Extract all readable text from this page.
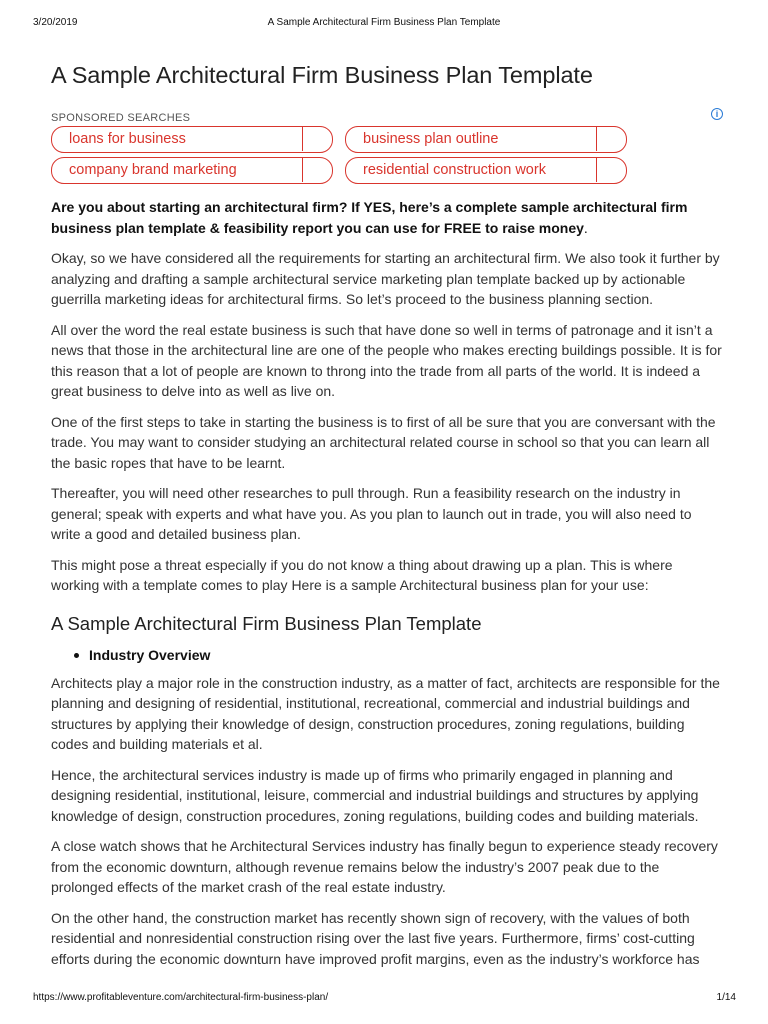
3/20/2019	A Sample Architectural Firm Business Plan Template
A Sample Architectural Firm Business Plan Template
SPONSORED SEARCHES	i
loans for business	business plan outline
company brand marketing	residential construction work

Are you about starting an architectural firm? If YES, here’s a complete sample architectural firm business plan template & feasibility report you can use for FREE to raise money.

Okay, so we have considered all the requirements for starting an architectural firm. We also took it further by analyzing and drafting a sample architectural service marketing plan template backed up by actionable guerrilla marketing ideas for architectural firms. So let’s proceed to the business planning section.

All over the word the real estate business is such that have done so well in terms of patronage and it isn’t a news that those in the architectural line are one of the people who makes erecting buildings possible. It is for this reason that a lot of people are known to throng into the trade from all parts of the world. It is indeed a great business to delve into as well as live on.

One of the first steps to take in starting the business is to first of all be sure that you are conversant with the trade. You may want to consider studying an architectural related course in school so that you can learn all the basic ropes that have to be learnt.

Thereafter, you will need other researches to pull through. Run a feasibility research on the industry in general; speak with experts and what have you. As you plan to launch out in trade, you will also need to write a good and detailed business plan.

This might pose a threat especially if you do not know a thing about drawing up a plan. This is where working with a template comes to play Here is a sample Architectural business plan for your use:

A Sample Architectural Firm Business Plan Template
Industry Overview

Architects play a major role in the construction industry, as a matter of fact, architects are responsible for the planning and designing of residential, institutional, recreational, commercial and industrial buildings and structures by applying their knowledge of design, construction procedures, zoning regulations, building codes and building materials et al.

Hence, the architectural services industry is made up of firms who primarily engaged in planning and designing residential, institutional, leisure, commercial and industrial buildings and structures by applying knowledge of design, construction procedures, zoning regulations, building codes and building materials.

A close watch shows that he Architectural Services industry has finally begun to experience steady recovery from the economic downturn, although revenue remains below the industry’s 2007 peak due to the prolonged effects of the market crash of the real estate industry.

On the other hand, the construction market has recently shown sign of recovery, with the values of both residential and nonresidential construction rising over the last five years. Furthermore, firms’ cost-cutting efforts during the economic downturn have improved profit margins, even as the industry’s workforce has

https://www.profitableventure.com/architectural-firm-business-plan/	1/14
